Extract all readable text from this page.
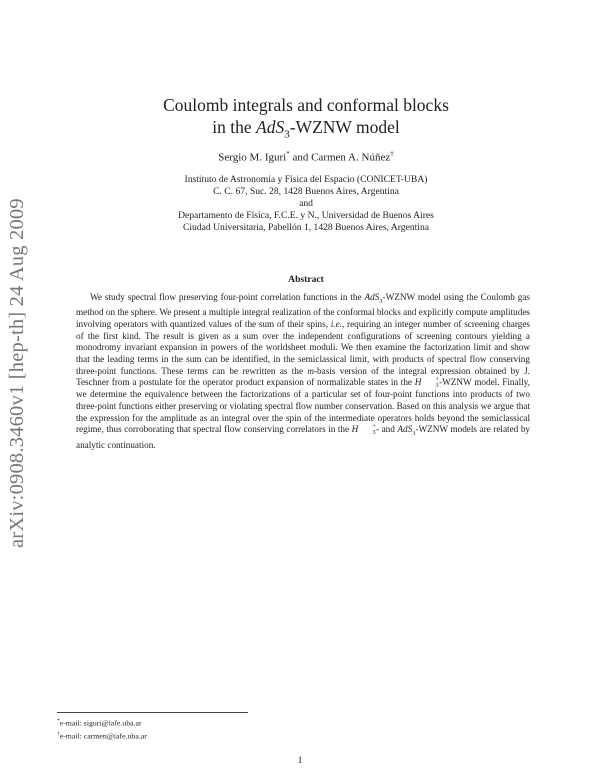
arXiv:0908.3460v1 [hep-th] 24 Aug 2009
Coulomb integrals and conformal blocks
in the AdS$_3$-WZNW model
Sergio M. Iguri* and Carmen A. Núñez†
Instituto de Astronomía y Física del Espacio (CONICET-UBA)
C. C. 67, Suc. 28, 1428 Buenos Aires, Argentina
and
Departamento de Física, F.C.E. y N., Universidad de Buenos Aires
Ciudad Universitaria, Pabellón 1, 1428 Buenos Aires, Argentina
Abstract
We study spectral flow preserving four-point correlation functions in the AdS$_3$-WZNW model using the Coulomb gas method on the sphere. We present a multiple integral realization of the conformal blocks and explicitly compute amplitudes involving operators with quantized values of the sum of their spins, i.e., requiring an integer number of screening charges of the first kind. The result is given as a sum over the independent configurations of screening contours yielding a monodromy invariant expansion in powers of the worldsheet moduli. We then examine the factorization limit and show that the leading terms in the sum can be identified, in the semiclassical limit, with products of spectral flow conserving three-point functions. These terms can be rewritten as the m-basis version of the integral expression obtained by J. Teschner from a postulate for the operator product expansion of normalizable states in the H	+
3 -WZNW model. Finally, we determine the equivalence between the factorizations of a particular set of four-point functions into products of two three-point functions either preserving or violating spectral flow number conservation. Based on this analysis we argue that the expression for the amplitude as an integral over the spin of the intermediate operators holds beyond the semiclassical regime, thus corroborating that spectral flow conserving correlators in the H	+
3 - and AdS$_3$-WZNW models are related by analytic continuation.
*e-mail: siguri@iafe.uba.ar
†e-mail: carmen@iafe.uba.ar
1
